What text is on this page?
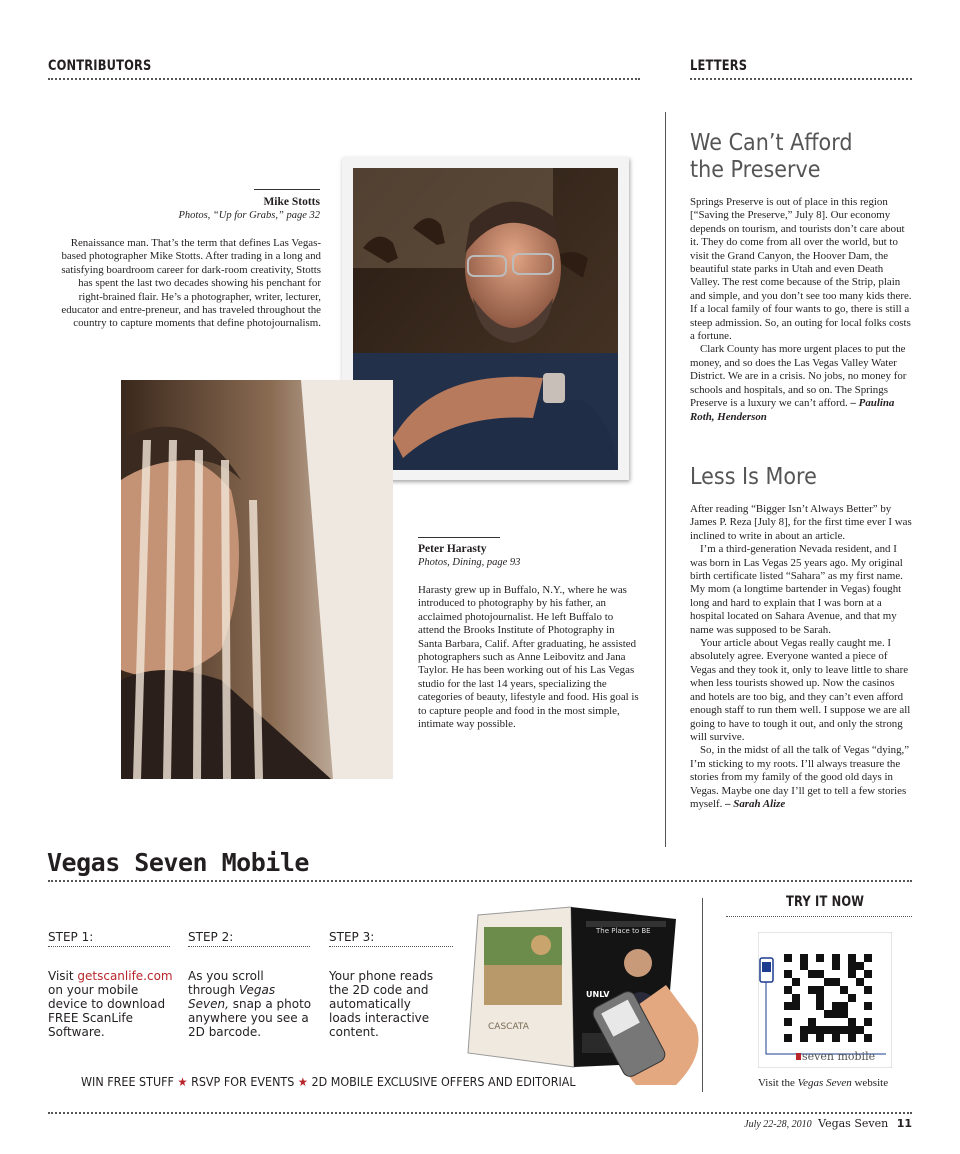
CONTRIBUTORS	LETTERS
Mike Stotts
Photos, “Up for Grabs,” page 32
Renaissance man. That’s the term that defines Las Vegas-based photographer Mike Stotts. After trading in a long and satisfying boardroom career for dark-room creativity, Stotts has spent the last two decades showing his penchant for right-brained flair. He’s a photographer, writer, lecturer, educator and entre-preneur, and has traveled throughout the country to capture moments that define photojournalism.
Peter Harasty
Photos, Dining, page 93
Harasty grew up in Buffalo, N.Y., where he was introduced to photography by his father, an acclaimed photojournalist. He left Buffalo to attend the Brooks Institute of Photography in Santa Barbara, Calif. After graduating, he assisted photographers such as Anne Leibovitz and Jana Taylor. He has been working out of his Las Vegas studio for the last 14 years, specializing the categories of beauty, lifestyle and food. His goal is to capture people and food in the most simple, intimate way possible.
We Can’t Afford
the Preserve

Springs Preserve is out of place in this region [“Saving the Preserve,” July 8]. Our economy depends on tourism, and tourists don’t care about it. They do come from all over the world, but to visit the Grand Canyon, the Hoover Dam, the beautiful state parks in Utah and even Death Valley. The rest come because of the Strip, plain and simple, and you don’t see too many kids there. If a local family of four wants to go, there is still a steep admission. So, an outing for local folks costs a fortune.

Clark County has more urgent places to put the money, and so does the Las Vegas Valley Water District. We are in a crisis. No jobs, no money for schools and hospitals, and so on. The Springs Preserve is a luxury we can’t afford. – Paulina Roth, Henderson

Less Is More

After reading “Bigger Isn’t Always Better” by James P. Reza [July 8], for the first time ever I was inclined to write in about an article.

I’m a third-generation Nevada resident, and I was born in Las Vegas 25 years ago. My original birth certificate listed “Sahara” as my first name. My mom (a longtime bartender in Vegas) fought long and hard to explain that I was born at a hospital located on Sahara Avenue, and that my name was supposed to be Sarah.

Your article about Vegas really caught me. I absolutely agree. Everyone wanted a piece of Vegas and they took it, only to leave little to share when less tourists showed up. Now the casinos and hotels are too big, and they can’t even afford enough staff to run them well. I suppose we are all going to have to tough it out, and only the strong will survive.

So, in the midst of all the talk of Vegas “dying,” I’m sticking to my roots. I’ll always treasure the stories from my family of the good old days in Vegas. Maybe one day I’ll get to tell a few stories myself. – Sarah Alize

Vegas Seven Mobile
STEP 1:
Visit getscanlife.com on your mobile device to download FREE ScanLife Software.
STEP 2:
As you scroll through Vegas Seven, snap a photo anywhere you see a 2D barcode.
STEP 3:
Your phone reads the 2D code and automatically loads interactive content.	CASCATA
The Place to BE
UNLV
TRY IT NOW
seven mobile
Visit the Vegas Seven website
WIN FREE STUFF ★ RSVP FOR EVENTS ★ 2D MOBILE EXCLUSIVE OFFERS AND EDITORIAL
July 22-28, 2010 Vegas Seven 11
